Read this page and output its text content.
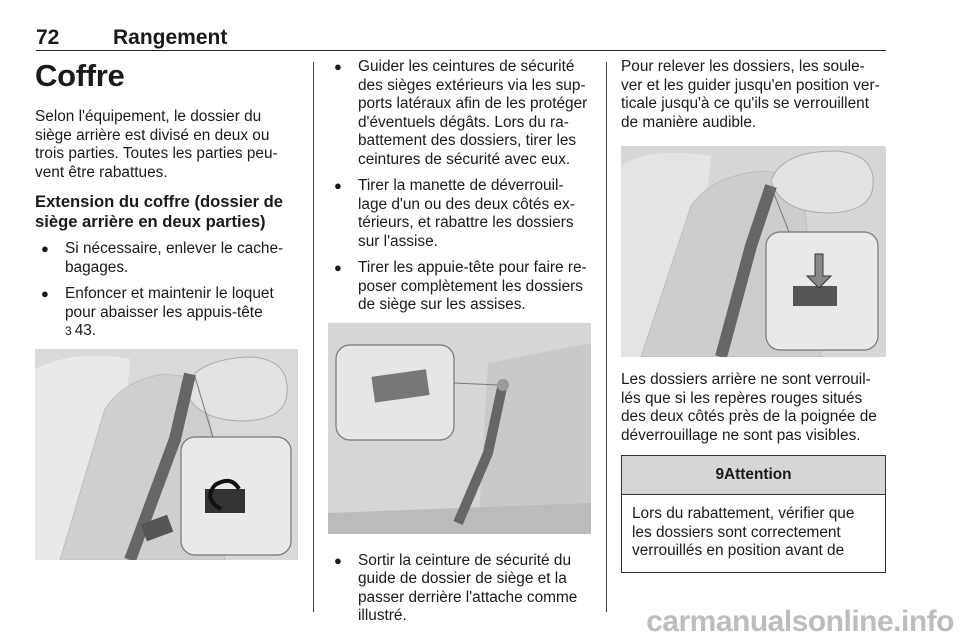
72	Rangement
Coffre

Selon l'équipement, le dossier du siège arrière est divisé en deux ou trois parties. Toutes les parties peu- vent être rabattues.

Extension du coffre (dossier de siège arrière en deux parties)
● Si nécessaire, enlever le cache- bagages.
● Enfoncer et maintenir le loquet pour abaisser les appuis-tête
3 43.
● Guider les ceintures de sécurité des sièges extérieurs via les sup- ports latéraux afin de les protéger d'éventuels dégâts. Lors du ra- battement des dossiers, tirer les ceintures de sécurité avec eux.
● Tirer la manette de déverrouil- lage d'un ou des deux côtés ex- térieurs, et rabattre les dossiers sur l'assise.
● Tirer les appuie-tête pour faire re- poser complètement les dossiers de siège sur les assises.
● Sortir la ceinture de sécurité du guide de dossier de siège et la passer derrière l'attache comme illustré.

Pour relever les dossiers, les soule- ver et les guider jusqu'en position ver- ticale jusqu'à ce qu'ils se verrouillent de manière audible.

Les dossiers arrière ne sont verrouil- lés que si les repères rouges situés des deux côtés près de la poignée de déverrouillage ne sont pas visibles.

9Attention
Lors du rabattement, vérifier que les dossiers sont correctement verrouillés en position avant de
carmanualsonline.info
